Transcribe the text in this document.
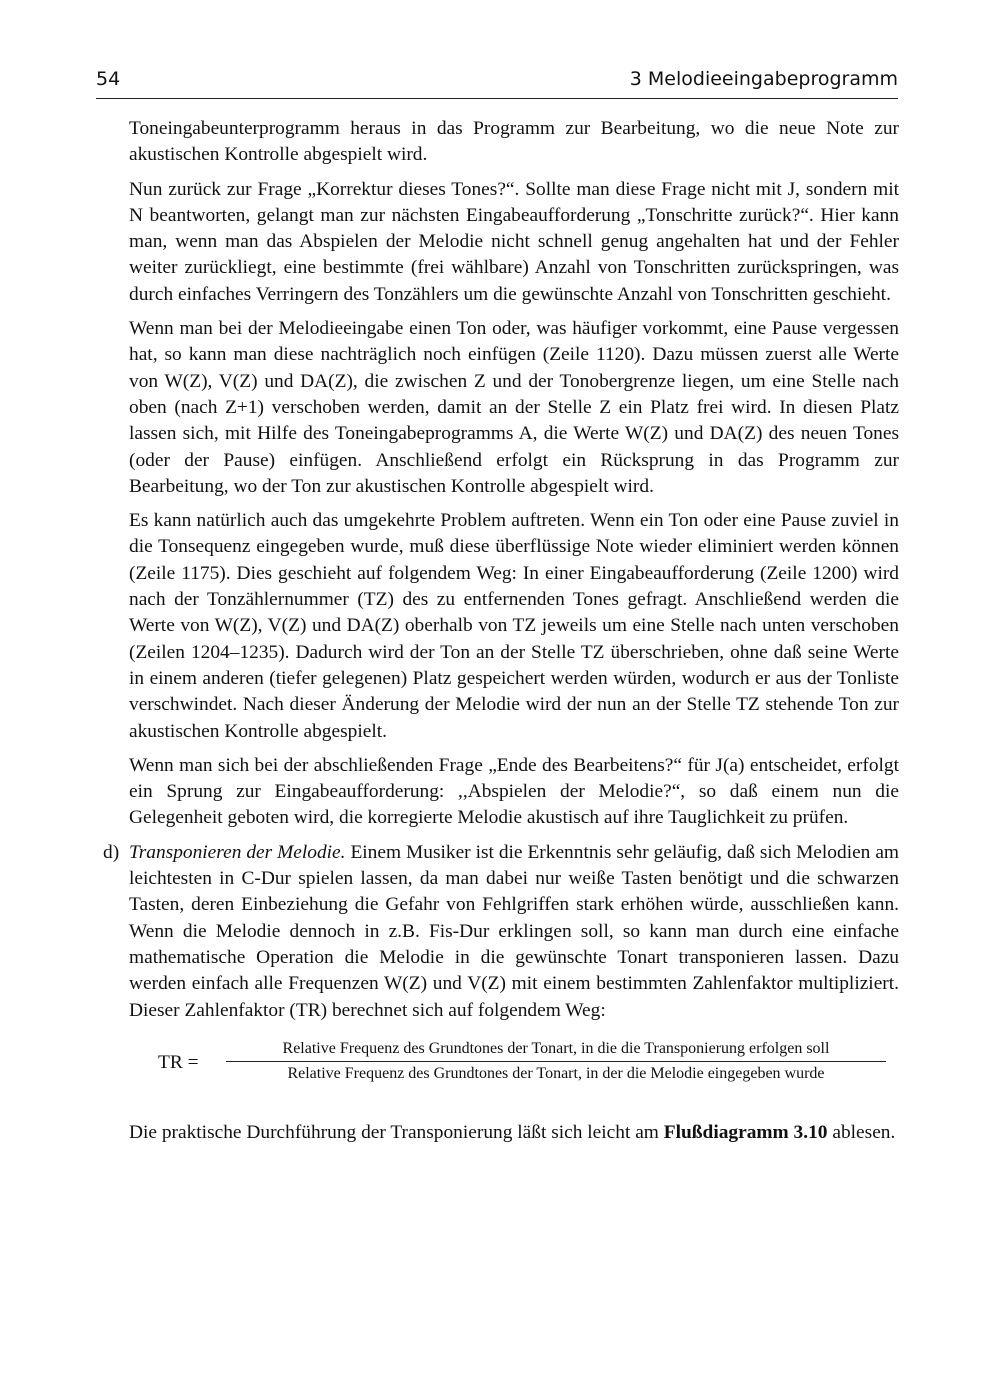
54	3 Melodieeingabeprogramm

Toneingabeunterprogramm heraus in das Programm zur Bearbeitung, wo die neue Note zur akustischen Kontrolle abgespielt wird.

Nun zurück zur Frage „Korrektur dieses Tones?“. Sollte man diese Frage nicht mit J, sondern mit N beantworten, gelangt man zur nächsten Eingabeaufforderung „Tonschritte zurück?“. Hier kann man, wenn man das Abspielen der Melodie nicht schnell genug angehalten hat und der Fehler weiter zurückliegt, eine bestimmte (frei wählbare) Anzahl von Tonschritten zurückspringen, was durch einfaches Verringern des Tonzählers um die gewünschte Anzahl von Tonschritten geschieht.

Wenn man bei der Melodieeingabe einen Ton oder, was häufiger vorkommt, eine Pause vergessen hat, so kann man diese nachträglich noch einfügen (Zeile 1120). Dazu müssen zuerst alle Werte von W(Z), V(Z) und DA(Z), die zwischen Z und der Tonobergrenze liegen, um eine Stelle nach oben (nach Z+1) verschoben werden, damit an der Stelle Z ein Platz frei wird. In diesen Platz lassen sich, mit Hilfe des Toneingabeprogramms A, die Werte W(Z) und DA(Z) des neuen Tones (oder der Pause) einfügen. Anschließend erfolgt ein Rücksprung in das Programm zur Bearbeitung, wo der Ton zur akustischen Kontrolle abgespielt wird.

Es kann natürlich auch das umgekehrte Problem auftreten. Wenn ein Ton oder eine Pause zuviel in die Tonsequenz eingegeben wurde, muß diese überflüssige Note wieder eliminiert werden können (Zeile 1175). Dies geschieht auf folgendem Weg: In einer Eingabeaufforderung (Zeile 1200) wird nach der Tonzählernummer (TZ) des zu entfernenden Tones gefragt. Anschließend werden die Werte von W(Z), V(Z) und DA(Z) oberhalb von TZ jeweils um eine Stelle nach unten verschoben (Zeilen 1204–1235). Dadurch wird der Ton an der Stelle TZ überschrieben, ohne daß seine Werte in einem anderen (tiefer gelegenen) Platz gespeichert werden würden, wodurch er aus der Tonliste verschwindet. Nach dieser Änderung der Melodie wird der nun an der Stelle TZ stehende Ton zur akustischen Kontrolle abgespielt.

Wenn man sich bei der abschließenden Frage „Ende des Bearbeitens?“ für J(a) entscheidet, erfolgt ein Sprung zur Eingabeaufforderung: ,,Abspielen der Melodie?“, so daß einem nun die Gelegenheit geboten wird, die korregierte Melodie akustisch auf ihre Tauglichkeit zu prüfen.

d) Transponieren der Melodie. Einem Musiker ist die Erkenntnis sehr geläufig, daß sich Melodien am leichtesten in C-Dur spielen lassen, da man dabei nur weiße Tasten benötigt und die schwarzen Tasten, deren Einbeziehung die Gefahr von Fehlgriffen stark erhöhen würde, ausschließen kann. Wenn die Melodie dennoch in z.B. Fis-Dur erklingen soll, so kann man durch eine einfache mathematische Operation die Melodie in die gewünschte Tonart transponieren lassen. Dazu werden einfach alle Frequenzen W(Z) und V(Z) mit einem bestimmten Zahlenfaktor multipliziert. Dieser Zahlenfaktor (TR) berechnet sich auf folgendem Weg:

TR =
Relative Frequenz des Grundtones der Tonart, in die die Transponierung erfolgen soll
Relative Frequenz des Grundtones der Tonart, in der die Melodie eingegeben wurde

Die praktische Durchführung der Transponierung läßt sich leicht am Flußdiagramm 3.10 ablesen.
